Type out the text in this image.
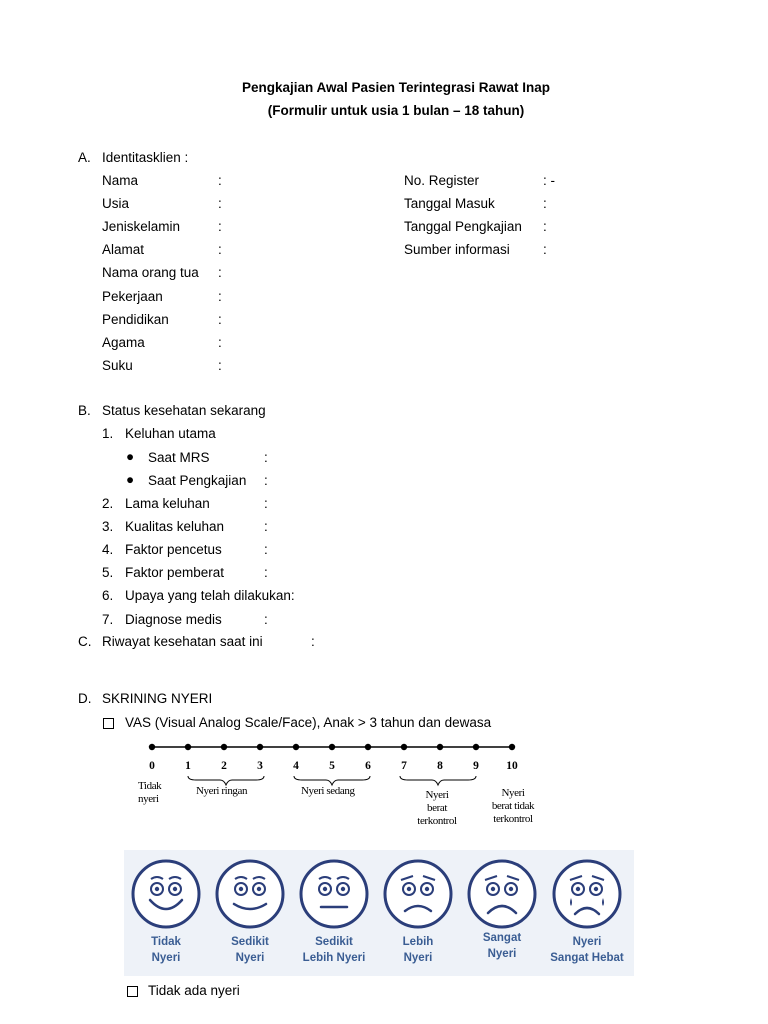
Pengkajian Awal Pasien Terintegrasi Rawat Inap
(Formulir untuk usia 1 bulan – 18 tahun)
A. Identitasklien :
Nama	:
Usia	:
Jeniskelamin	:
Alamat	:
Nama orang tua :
Pekerjaan	:
Pendidikan	:
Agama	:
Suku	:
No. Register	: -
Tanggal Masuk	:
Tanggal Pengkajian :
Sumber informasi :
B. Status kesehatan sekarang
1. Keluhan utama
● Saat MRS	:
● Saat Pengkajian :
2. Lama keluhan	:
3. Kualitas keluhan	:
4. Faktor pencetus	:
5. Faktor pemberat	:
6. Upaya yang telah dilakukan:
7. Diagnose medis	:
C. Riwayat kesehatan saat ini	:
D. SKRINING NYERI
VAS (Visual Analog Scale/Face), Anak > 3 tahun dan dewasa
0	1	2	3	4	5	6	7	8	9	10
Tidak
nyeri
Nyeri ringan	Nyeri sedang	Nyeri
berat
terkontrol
Nyeri
berat tidak
terkontrol
Tidak
Nyeri
Sedikit
Nyeri
Sedikit
Lebih Nyeri
Lebih
Nyeri
Sangat
Nyeri
Nyeri
Sangat Hebat
Tidak ada nyeri
